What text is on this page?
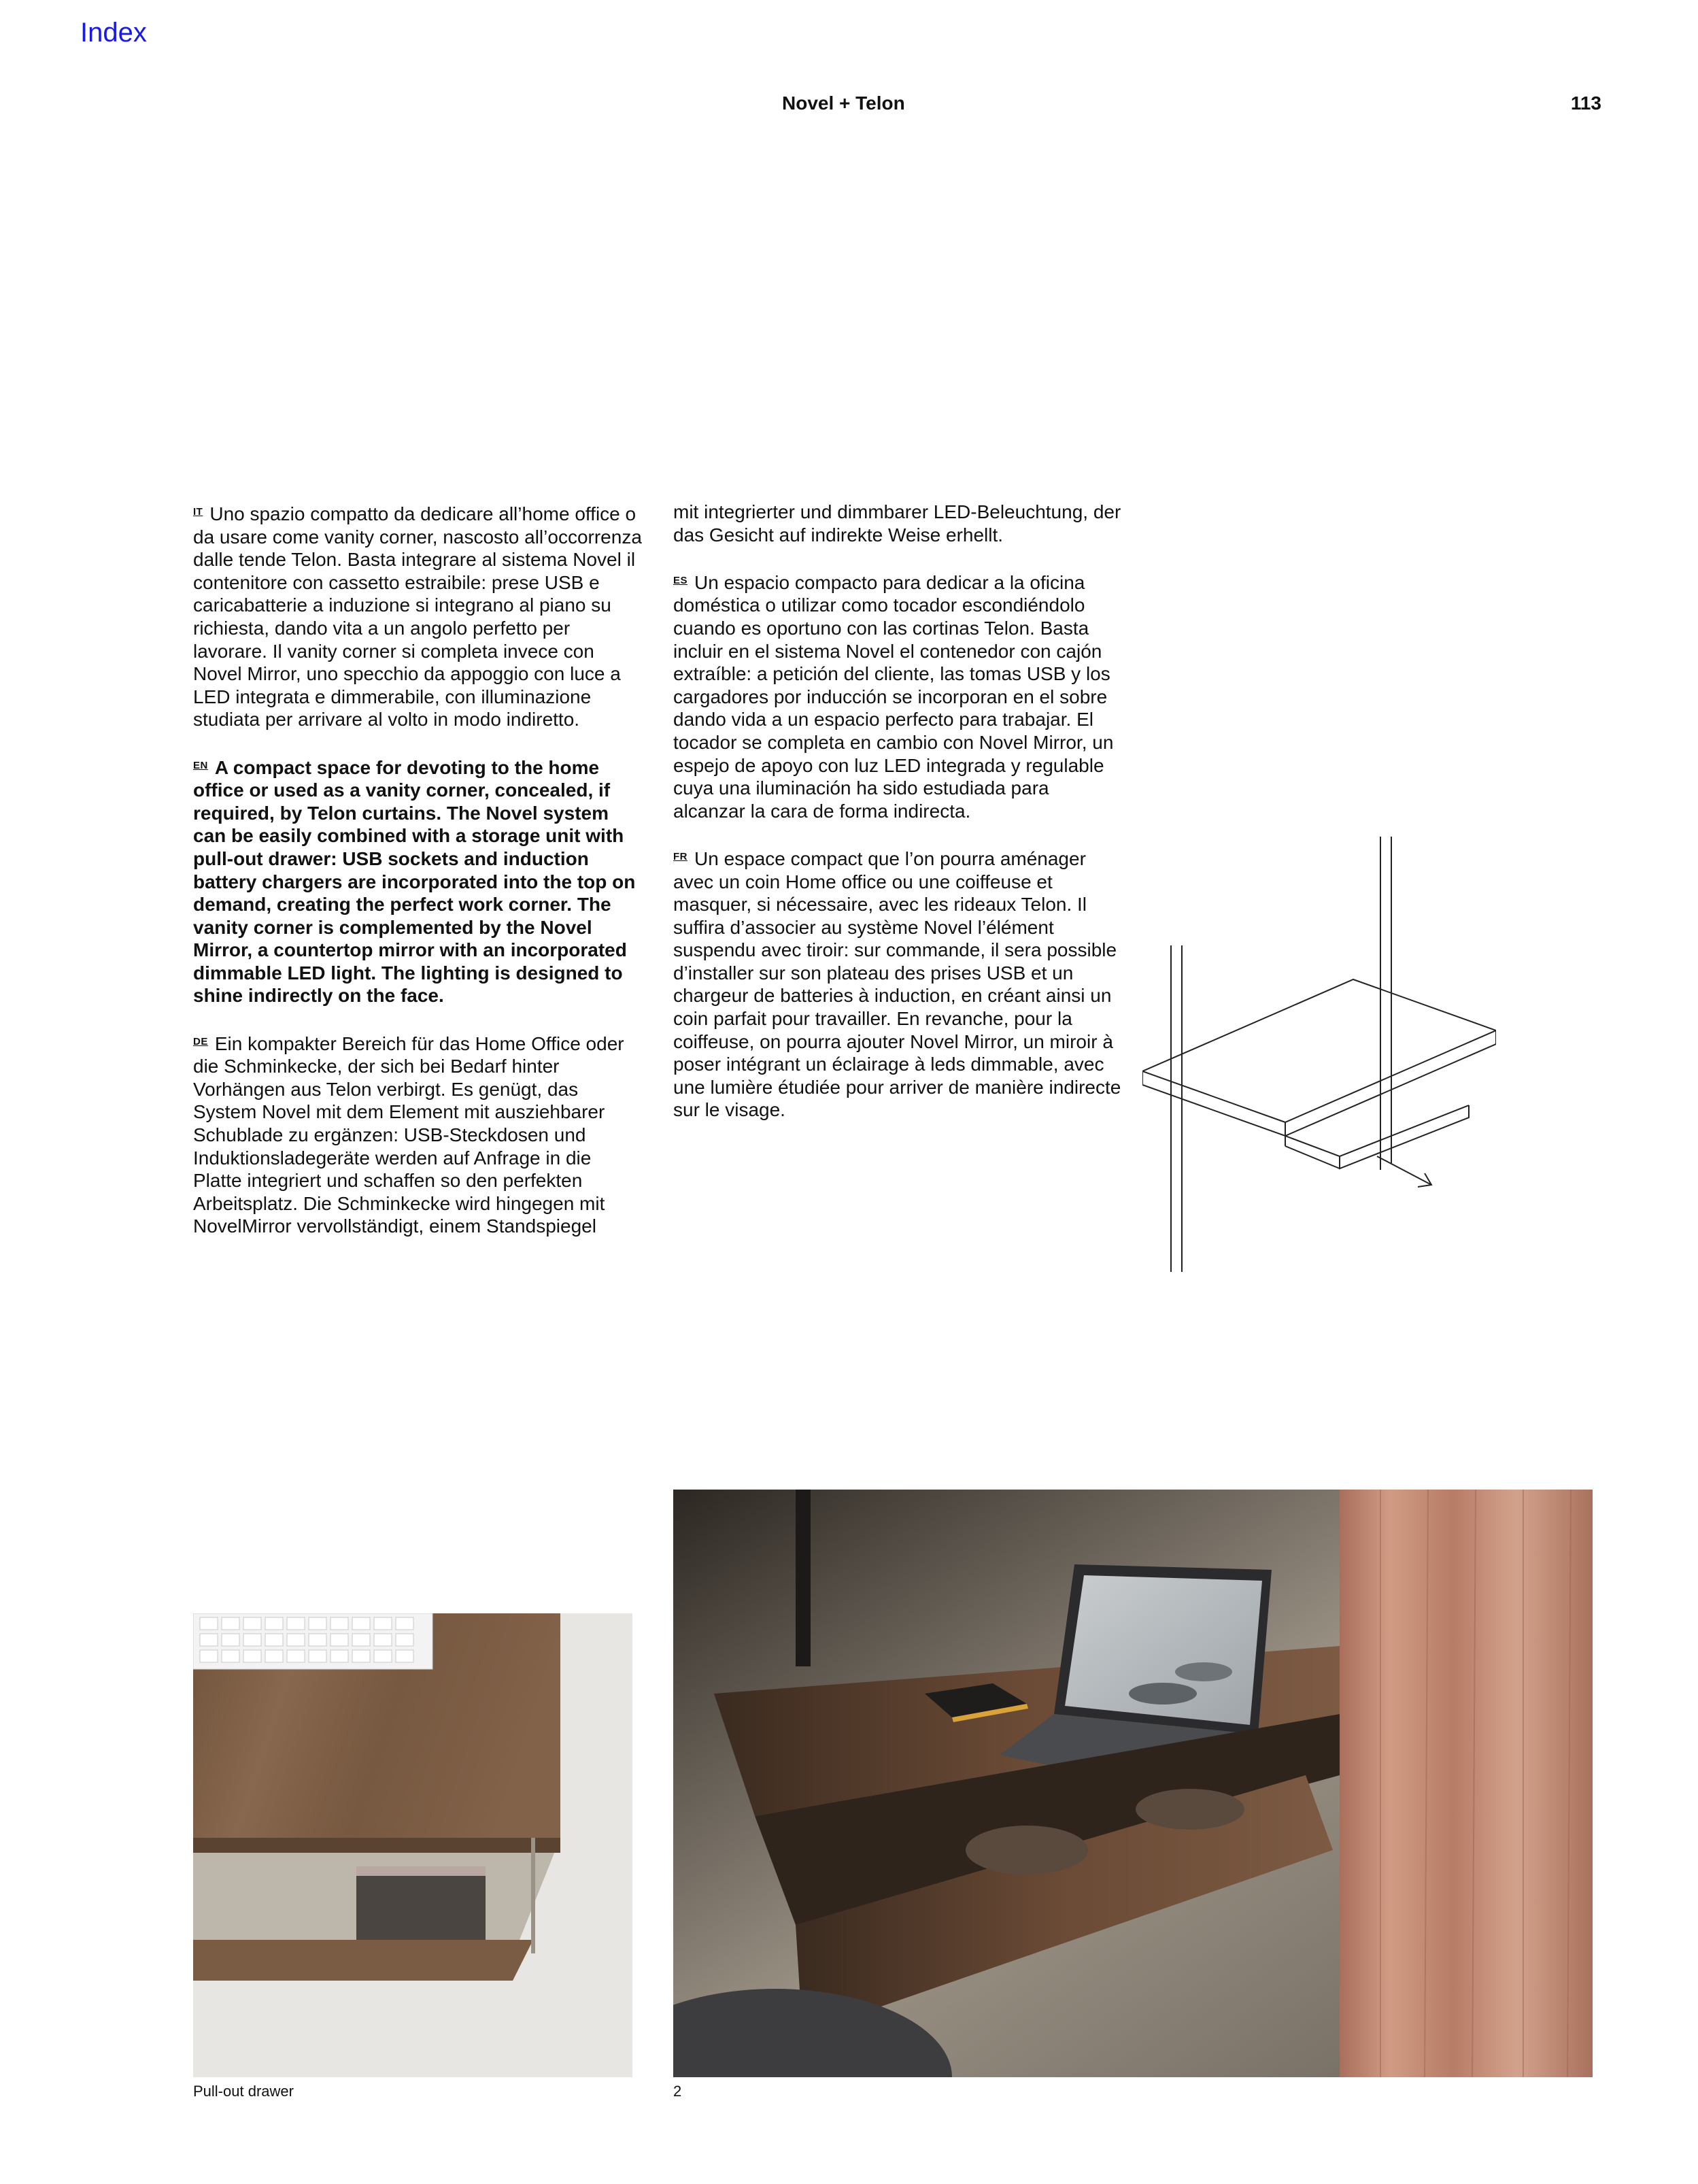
Index
Novel + Telon	113

IT Uno spazio compatto da dedicare all’home office o da usare come vanity corner, nascosto all’occorrenza dalle tende Telon. Basta integrare al sistema Novel il contenitore con cassetto estraibile: prese USB e caricabatterie a induzione si integrano al piano su richiesta, dando vita a un angolo perfetto per lavorare. Il vanity corner si completa invece con Novel Mirror, uno specchio da appoggio con luce a LED integrata e dimmerabile, con illuminazione studiata per arrivare al volto in modo indiretto.

EN A compact space for devoting to the home office or used as a vanity corner, concealed, if required, by Telon curtains. The Novel system can be easily combined with a storage unit with pull-out drawer: USB sockets and induction battery chargers are incorporated into the top on demand, creating the perfect work corner. The vanity corner is complemented by the Novel Mirror, a countertop mirror with an incorporated dimmable LED light. The lighting is designed to shine indirectly on the face.

DE Ein kompakter Bereich für das Home Office oder die Schminkecke, der sich bei Bedarf hinter Vorhängen aus Telon verbirgt. Es genügt, das System Novel mit dem Element mit ausziehbarer Schublade zu ergänzen: USB-Steckdosen und Induktionsladegeräte werden auf Anfrage in die Platte integriert und schaffen so den perfekten Arbeitsplatz. Die Schminkecke wird hingegen mit NovelMirror vervollständigt, einem Standspiegel

mit integrierter und dimmbarer LED-Beleuchtung, der das Gesicht auf indirekte Weise erhellt.

ES Un espacio compacto para dedicar a la oficina doméstica o utilizar como tocador escondiéndolo cuando es oportuno con las cortinas Telon. Basta incluir en el sistema Novel el contenedor con cajón extraíble: a petición del cliente, las tomas USB y los cargadores por inducción se incorporan en el sobre dando vida a un espacio perfecto para trabajar. El tocador se completa en cambio con Novel Mirror, un espejo de apoyo con luz LED integrada y regulable cuya una iluminación ha sido estudiada para alcanzar la cara de forma indirecta.

FR Un espace compact que l’on pourra aménager avec un coin Home office ou une coiffeuse et masquer, si nécessaire, avec les rideaux Telon. Il suffira d’associer au système Novel l’élément suspendu avec tiroir: sur commande, il sera possible d’installer sur son plateau des prises USB et un chargeur de batteries à induction, en créant ainsi un coin parfait pour travailler. En revanche, pour la coiffeuse, on pourra ajouter Novel Mirror, un miroir à poser intégrant un éclairage à leds dimmable, avec une lumière étudiée pour arriver de manière indirecte sur le visage.

Pull-out drawer	2
